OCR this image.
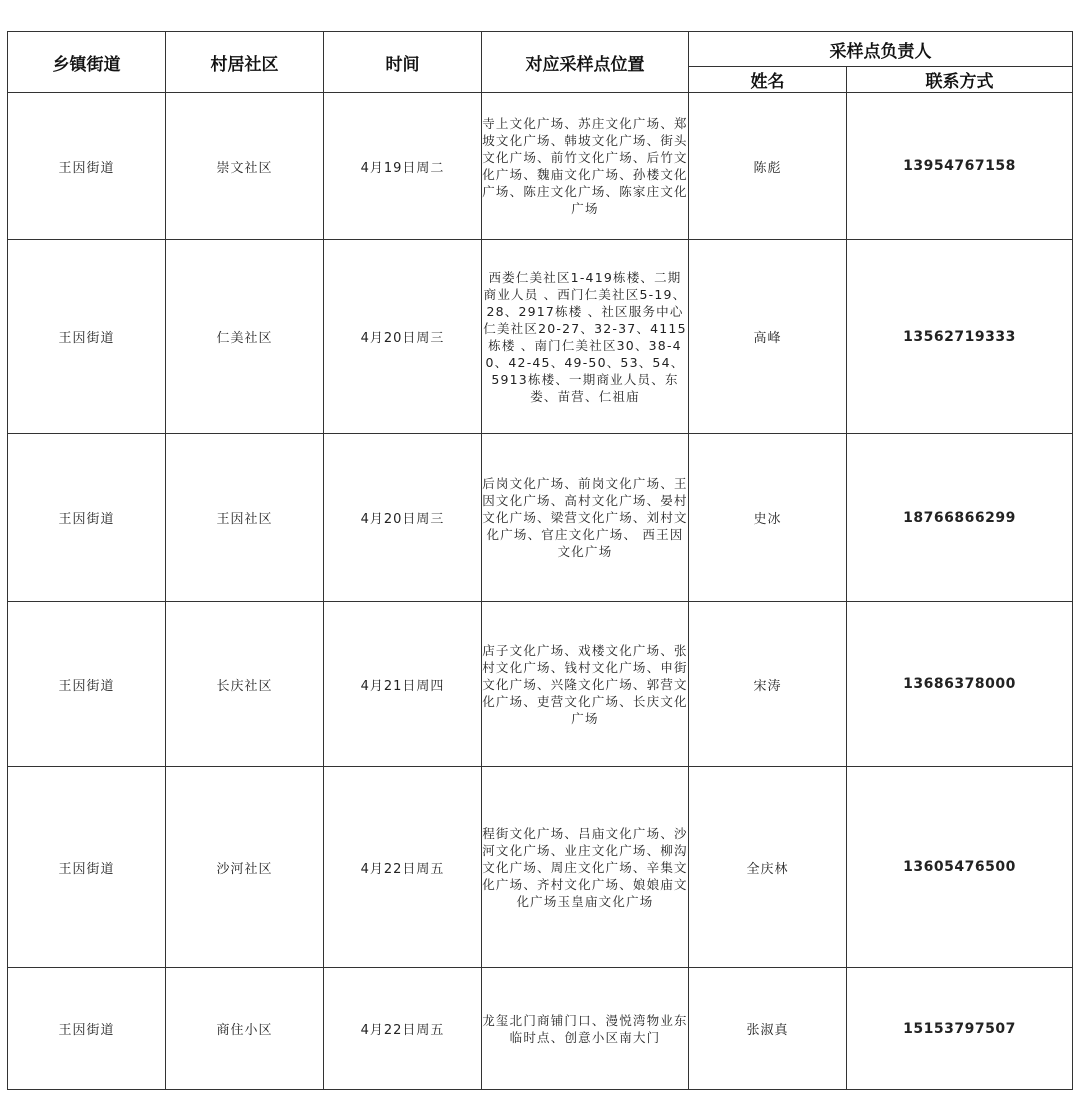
乡镇街道	村居社区	时间	对应采样点位置	采样点负责人	
				姓名	联系方式
王因街道	崇文社区	4月19日周二	寺上文化广场、苏庄文化广场、郑坡文化广场、韩坡文化广场、街头文化广场、前竹文化广场、后竹文化广场、魏庙文化广场、孙楼文化广场、陈庄文化广场、陈家庄文化广场	陈彪	13954767158
王因街道	仁美社区	4月20日周三	西娄仁美社区1-419栋楼、二期商业人员 、西门仁美社区5-19、28、2917栋楼 、社区服务中心仁美社区20-27、32-37、4115栋楼 、南门仁美社区30、38-40、42-45、49-50、53、54、5913栋楼、一期商业人员、东娄、苗营、仁祖庙	高峰	13562719333
王因街道	王因社区	4月20日周三	后岗文化广场、前岗文化广场、王因文化广场、高村文化广场、晏村文化广场、梁营文化广场、刘村文化广场、官庄文化广场、 西王因文化广场	史冰	18766866299
王因街道	长庆社区	4月21日周四	店子文化广场、戏楼文化广场、张村文化广场、钱村文化广场、申街文化广场、兴隆文化广场、郭营文化广场、吏营文化广场、长庆文化广场	宋涛	13686378000
王因街道	沙河社区	4月22日周五	程街文化广场、吕庙文化广场、沙河文化广场、业庄文化广场、柳沟文化广场、周庄文化广场、辛集文化广场、齐村文化广场、娘娘庙文化广场玉皇庙文化广场	全庆林	13605476500
王因街道	商住小区	4月22日周五	龙玺北门商铺门口、漫悦湾物业东临时点、创意小区南大门	张淑真	15153797507
